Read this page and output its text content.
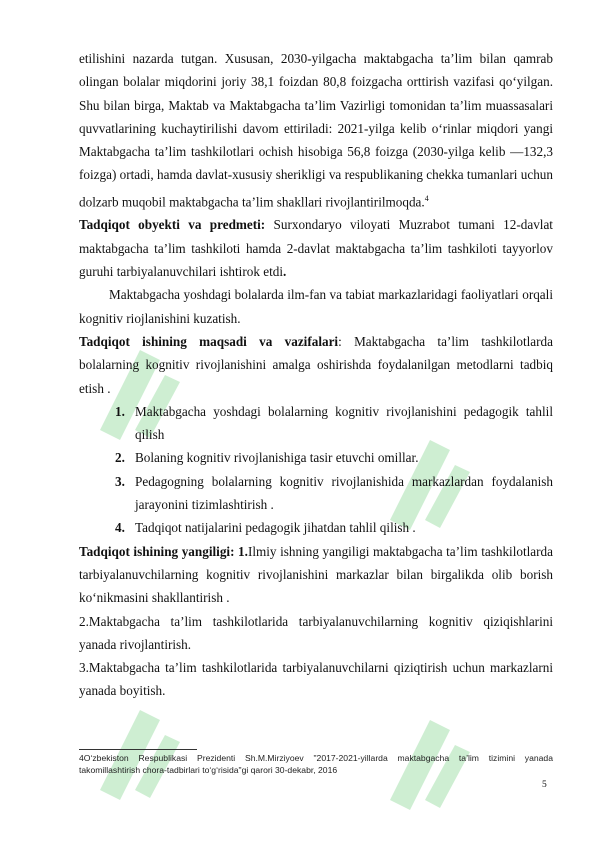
etilishini nazarda tutgan. Xususan, 2030-yilgacha maktabgacha ta’lim bilan qamrab olingan bolalar miqdorini joriy 38,1 foizdan 80,8 foizgacha orttirish vazifasi qo‘yilgan. Shu bilan birga, Maktab va Maktabgacha ta’lim Vazirligi tomonidan ta’lim muassasalari quvvatlarining kuchaytirilishi davom ettiriladi: 2021-yilga kelib o‘rinlar miqdori yangi Maktabgacha ta’lim tashkilotlari ochish hisobiga 56,8 foizga (2030-yilga kelib —132,3 foizga) ortadi, hamda davlat-xususiy sherikligi va respublikaning chekka tumanlari uchun dolzarb muqobil maktabgacha ta’lim shakllari rivojlantirilmoqda.$^4$

Tadqiqot obyekti va predmeti: Surxondaryo viloyati Muzrabot tumani 12-davlat maktabgacha ta’lim tashkiloti hamda 2-davlat maktabgacha ta’lim tashkiloti tayyorlov guruhi tarbiyalanuvchilari ishtirok etdi.

Maktabgacha yoshdagi bolalarda ilm-fan va tabiat markazlaridagi faoliyatlari orqali kognitiv riojlanishini kuzatish.

Tadqiqot ishining maqsadi va vazifalari: Maktabgacha ta’lim tashkilotlarda bolalarning kognitiv rivojlanishini amalga oshirishda foydalanilgan metodlarni tadbiq etish .

1. Maktabgacha yoshdagi bolalarning kognitiv rivojlanishini pedagogik tahlil qilish
2. Bolaning kognitiv rivojlanishiga tasir etuvchi omillar.
3. Pedagogning bolalarning kognitiv rivojlanishida markazlardan foydalanish jarayonini tizimlashtirish .
4. Tadqiqot natijalarini pedagogik jihatdan tahlil qilish .

Tadqiqot ishining yangiligi: 1.Ilmiy ishning yangiligi maktabgacha ta’lim tashkilotlarda tarbiyalanuvchilarning kognitiv rivojlanishini markazlar bilan birgalikda olib borish ko‘nikmasini shakllantirish .

2.Maktabgacha ta’lim tashkilotlarida tarbiyalanuvchilarning kognitiv qiziqishlarini yanada rivojlantirish.

3.Maktabgacha ta’lim tashkilotlarida tarbiyalanuvchilarni qiziqtirish uchun markazlarni yanada boyitish.

4O‘zbekiston Respublikasi Prezidenti Sh.M.Mirziyoev "2017-2021-yillarda maktabgacha ta’lim tizimini yanada takomillashtirish chora-tadbirlari to‘g‘risida"gi qarori 30-dekabr, 2016
5
